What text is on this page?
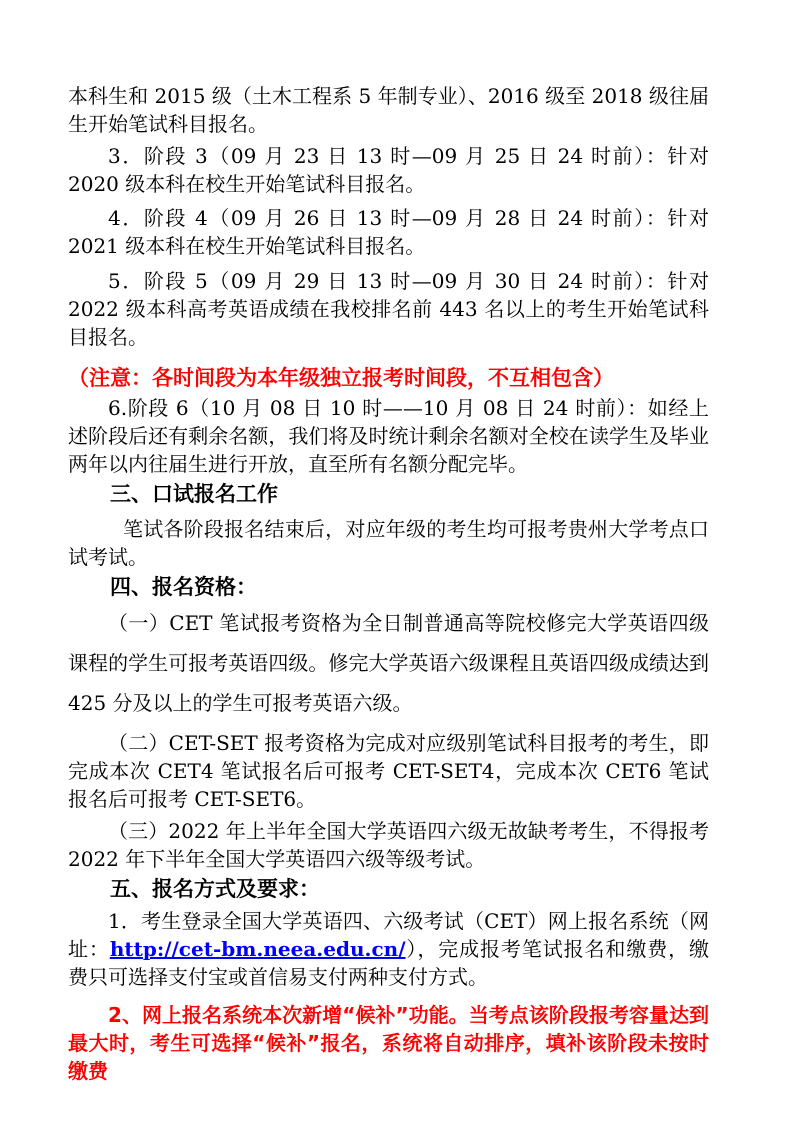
本科生和 2015 级（土木工程系 5 年制专业）、2016 级至 2018 级往届生开始笔试科目报名。

3．阶段 3（09 月 23 日 13 时—09 月 25 日 24 时前）：针对 2020 级本科在校生开始笔试科目报名。

4．阶段 4（09 月 26 日 13 时—09 月 28 日 24 时前）：针对 2021 级本科在校生开始笔试科目报名。

5．阶段 5（09 月 29 日 13 时—09 月 30 日 24 时前）：针对 2022 级本科高考英语成绩在我校排名前 443 名以上的考生开始笔试科目报名。

（注意：各时间段为本年级独立报考时间段，不互相包含）

6.阶段 6（10 月 08 日 10 时——10 月 08 日 24 时前）：如经上述阶段后还有剩余名额，我们将及时统计剩余名额对全校在读学生及毕业两年以内往届生进行开放，直至所有名额分配完毕。

三、口试报名工作

笔试各阶段报名结束后，对应年级的考生均可报考贵州大学考点口试考试。

四、报名资格：

（一）CET 笔试报考资格为全日制普通高等院校修完大学英语四级课程的学生可报考英语四级。修完大学英语六级课程且英语四级成绩达到 425 分及以上的学生可报考英语六级。

（二）CET-SET 报考资格为完成对应级别笔试科目报考的考生，即完成本次 CET4 笔试报名后可报考 CET-SET4，完成本次 CET6 笔试报名后可报考 CET-SET6。

（三）2022 年上半年全国大学英语四六级无故缺考考生，不得报考 2022 年下半年全国大学英语四六级等级考试。

五、报名方式及要求：

1．考生登录全国大学英语四、六级考试（CET）网上报名系统（网址：http://cet-bm.neea.edu.cn/），完成报考笔试报名和缴费，缴费只可选择支付宝或首信易支付两种支付方式。

2、网上报名系统本次新增“候补”功能。当考点该阶段报考容量达到最大时，考生可选择“候补”报名，系统将自动排序，填补该阶段未按时缴费
